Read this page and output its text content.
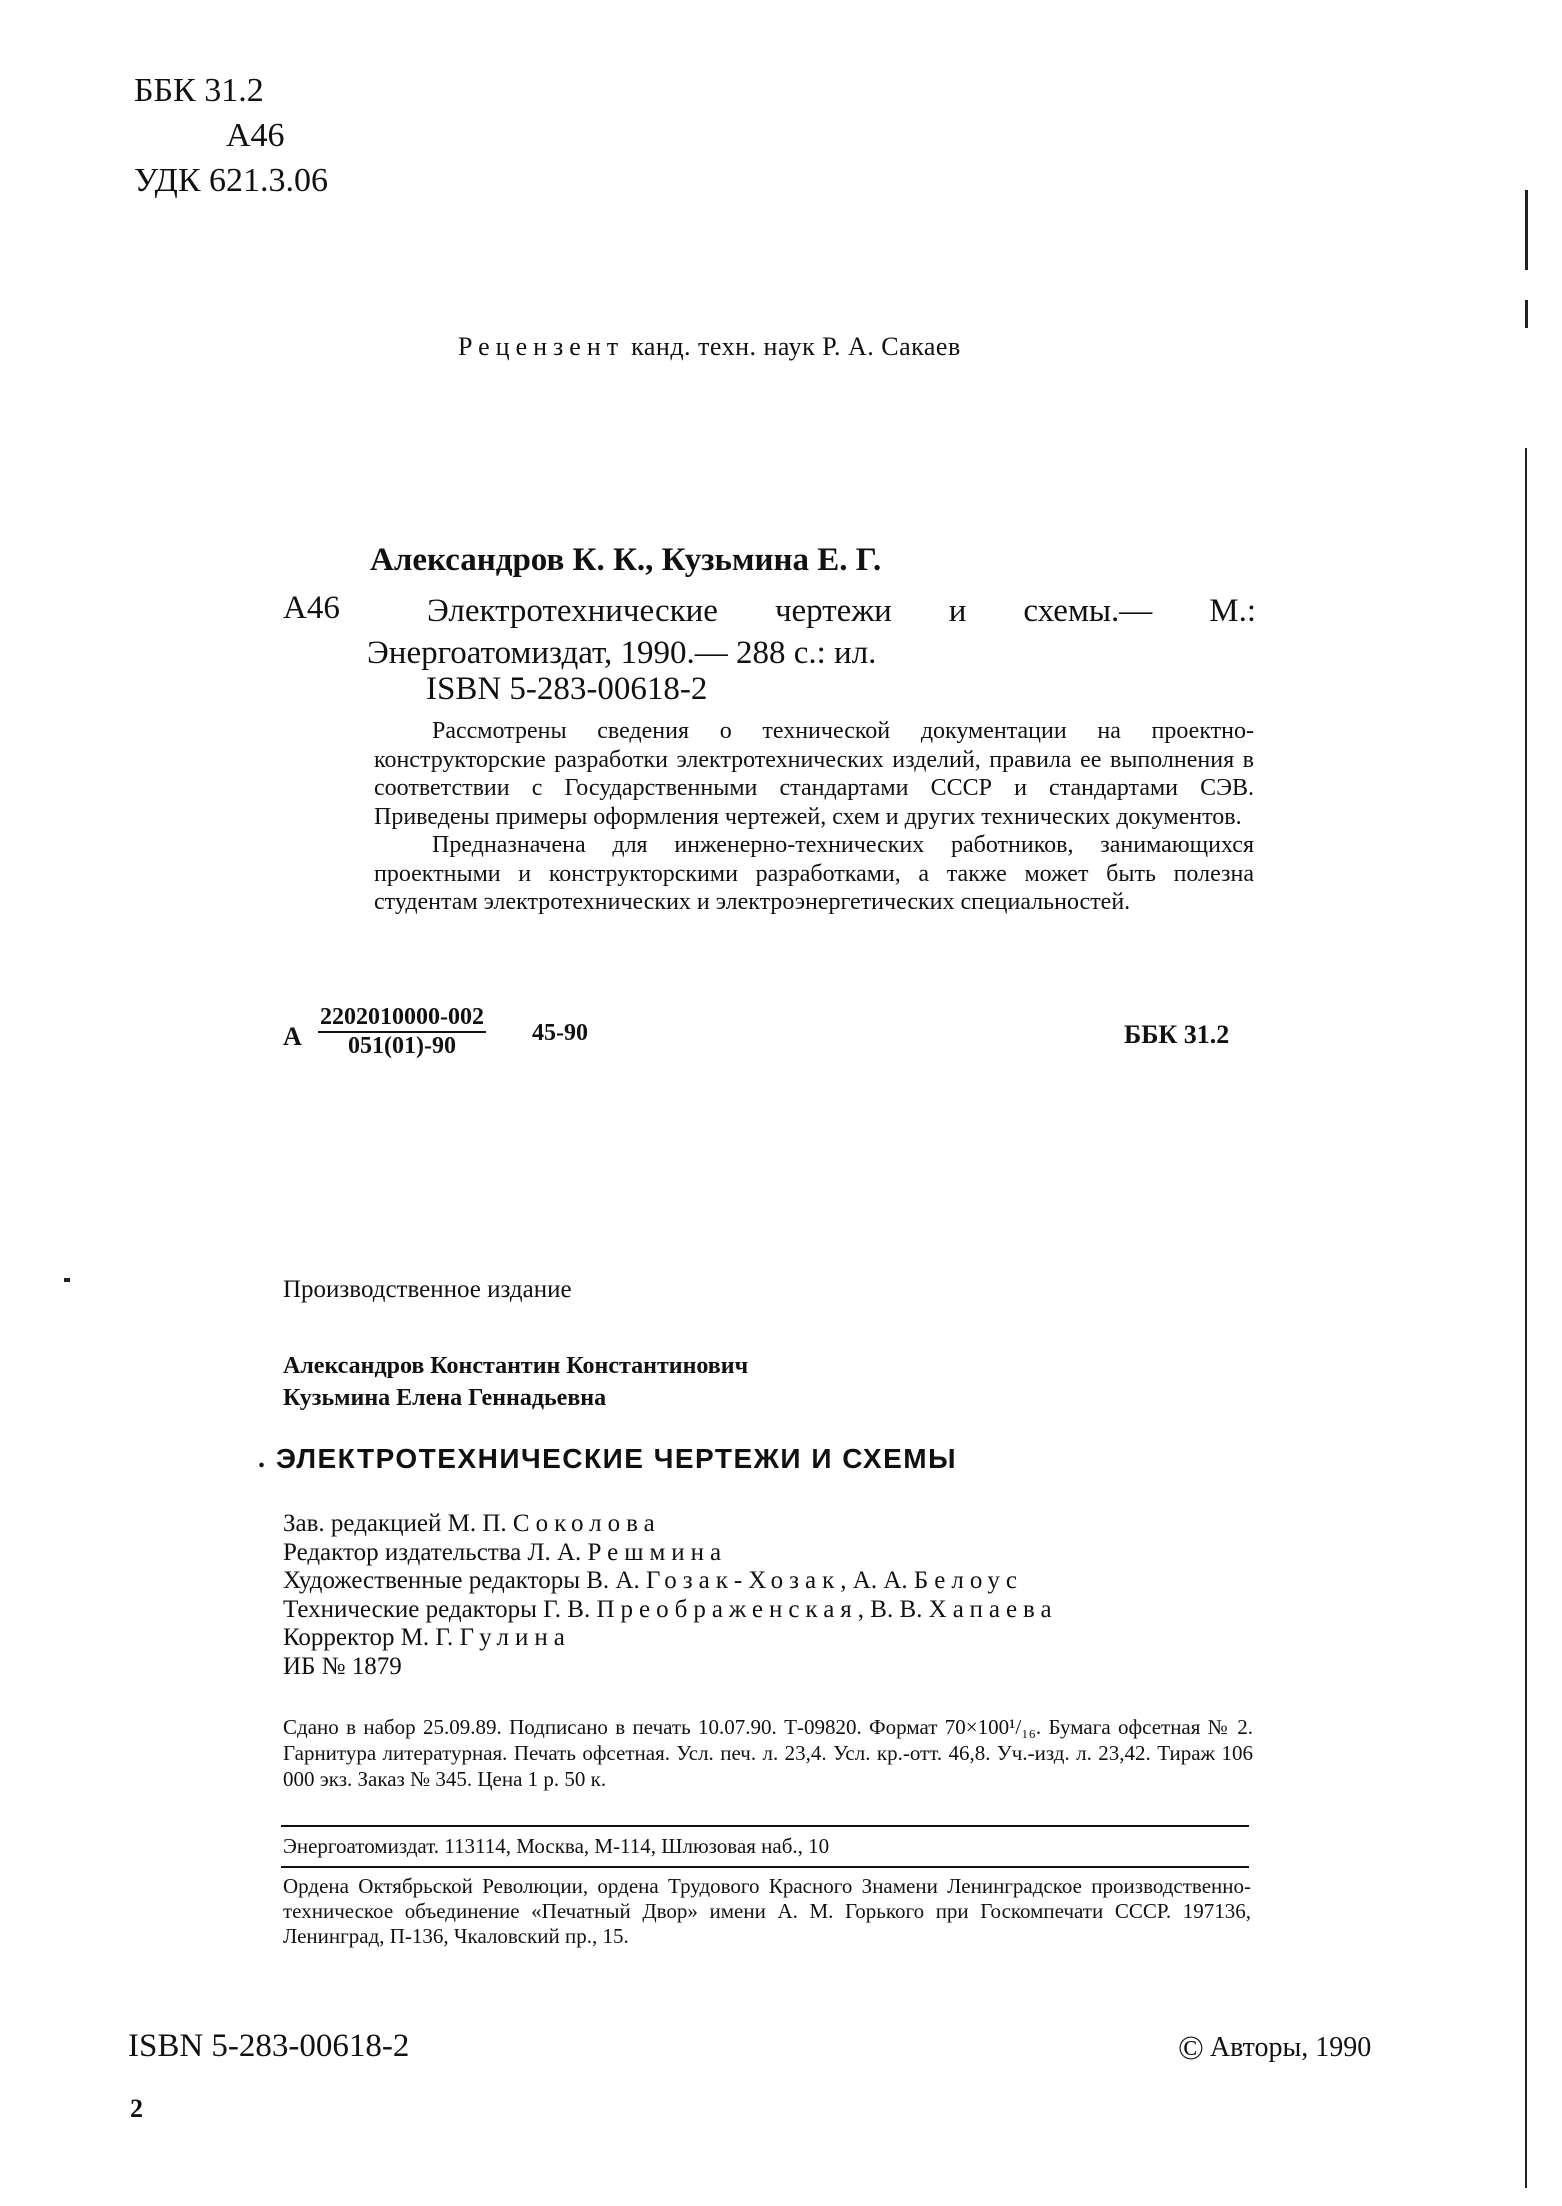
ББК 31.2
А46
УДК 621.3.06
Рецензент канд. техн. наук Р. А. Сакаев
Александров К. К., Кузьмина Е. Г.
А46	Электротехнические чертежи и схемы.— М.:
Энергоатомиздат, 1990.— 288 с.: ил.
ISBN 5-283-00618-2

Рассмотрены сведения о технической документации на проектно-конструкторские разработки электротехнических изделий, правила ее выполнения в соответствии с Государственными стандартами СССР и стандартами СЭВ. Приведены примеры оформления чертежей, схем и других технических документов.

Предназначена для инженерно-технических работников, занимающихся проектными и конструкторскими разработками, а также может быть полезна студентам электротехнических и электроэнергетических специальностей.

А $\frac{2202010000-002}{051(01)-90} 45-90$	ББК 31.2
Производственное издание
Александров Константин Константинович
Кузьмина Елена Геннадьевна
. ЭЛЕКТРОТЕХНИЧЕСКИЕ ЧЕРТЕЖИ И СХЕМЫ
Зав. редакцией М. П. Соколова
Редактор издательства Л. А. Решмина
Художественные редакторы В. А. Гозак-Хозак, А. А. Белоус
Технические редакторы Г. В. Преображенская, В. В. Хапаева
Корректор М. Г. Гулина
ИБ № 1879
Сдано в набор 25.09.89. Подписано в печать 10.07.90. Т-09820. Формат 70×100¹/₁₆. Бумага офсетная № 2. Гарнитура литературная. Печать офсетная. Усл. печ. л. 23,4. Усл. кр.-отт. 46,8. Уч.-изд. л. 23,42. Тираж 106 000 экз. Заказ № 345. Цена 1 р. 50 к.
Энергоатомиздат. 113114, Москва, М-114, Шлюзовая наб., 10
Ордена Октябрьской Революции, ордена Трудового Красного Знамени Ленинградское производственно-техническое объединение «Печатный Двор» имени А. М. Горького при Госкомпечати СССР. 197136, Ленинград, П-136, Чкаловский пр., 15.
ISBN 5-283-00618-2	© Авторы, 1990
2
